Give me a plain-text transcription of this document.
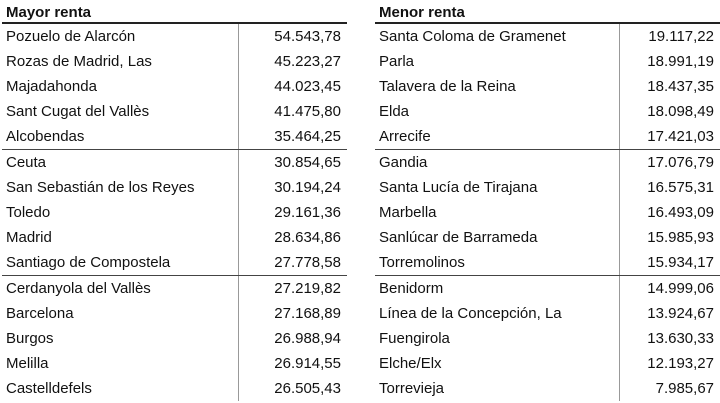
Mayor renta
Pozuelo de Alarcón	54.543,78
Rozas de Madrid, Las	45.223,27
Majadahonda	44.023,45
Sant Cugat del Vallès	41.475,80
Alcobendas	35.464,25
Ceuta	30.854,65
San Sebastián de los Reyes	30.194,24
Toledo	29.161,36
Madrid	28.634,86
Santiago de Compostela	27.778,58
Cerdanyola del Vallès	27.219,82
Barcelona	27.168,89
Burgos	26.988,94
Melilla	26.914,55
Castelldefels	26.505,43
Menor renta
Santa Coloma de Gramenet	19.117,22
Parla	18.991,19
Talavera de la Reina	18.437,35
Elda	18.098,49
Arrecife	17.421,03
Gandia	17.076,79
Santa Lucía de Tirajana	16.575,31
Marbella	16.493,09
Sanlúcar de Barrameda	15.985,93
Torremolinos	15.934,17
Benidorm	14.999,06
Línea de la Concepción, La	13.924,67
Fuengirola	13.630,33
Elche/Elx	12.193,27
Torrevieja	7.985,67
